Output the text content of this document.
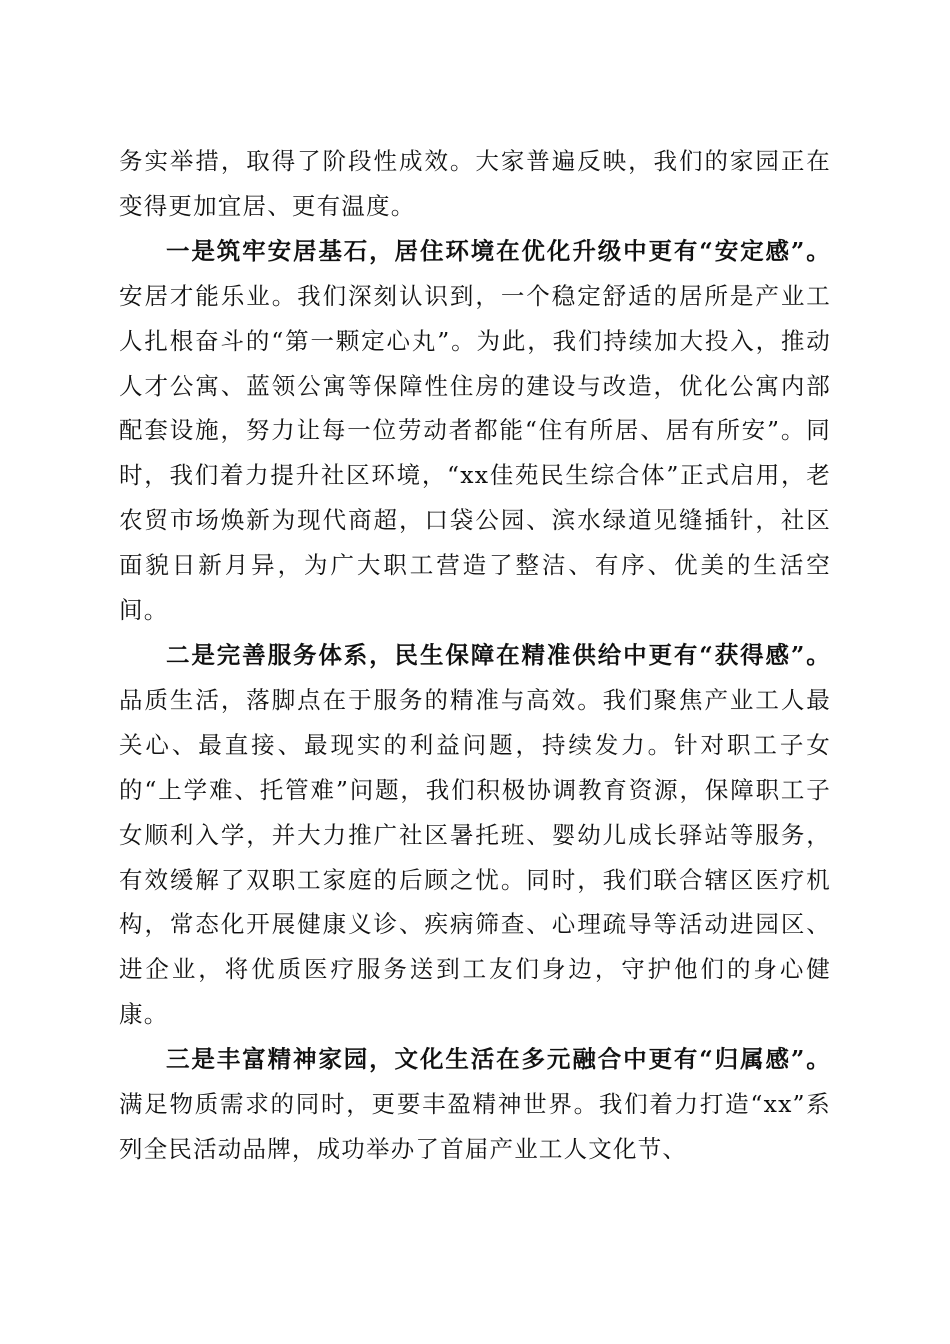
务实举措，取得了阶段性成效。大家普遍反映，我们的家园正在变得更加宜居、更有温度。

一是筑牢安居基石，居住环境在优化升级中更有“安定感”。安居才能乐业。我们深刻认识到，一个稳定舒适的居所是产业工人扎根奋斗的“第一颗定心丸”。为此，我们持续加大投入，推动人才公寓、蓝领公寓等保障性住房的建设与改造，优化公寓内部配套设施，努力让每一位劳动者都能“住有所居、居有所安”。同时，我们着力提升社区环境，“xx佳苑民生综合体”正式启用，老农贸市场焕新为现代商超，口袋公园、滨水绿道见缝插针，社区面貌日新月异，为广大职工营造了整洁、有序、优美的生活空间。

二是完善服务体系，民生保障在精准供给中更有“获得感”。品质生活，落脚点在于服务的精准与高效。我们聚焦产业工人最关心、最直接、最现实的利益问题，持续发力。针对职工子女的“上学难、托管难”问题，我们积极协调教育资源，保障职工子女顺利入学，并大力推广社区暑托班、婴幼儿成长驿站等服务，有效缓解了双职工家庭的后顾之忧。同时，我们联合辖区医疗机构，常态化开展健康义诊、疾病筛查、心理疏导等活动进园区、进企业，将优质医疗服务送到工友们身边，守护他们的身心健康。

三是丰富精神家园，文化生活在多元融合中更有“归属感”。满足物质需求的同时，更要丰盈精神世界。我们着力打造“xx”系列全民活动品牌，成功举办了首届产业工人文化节、
